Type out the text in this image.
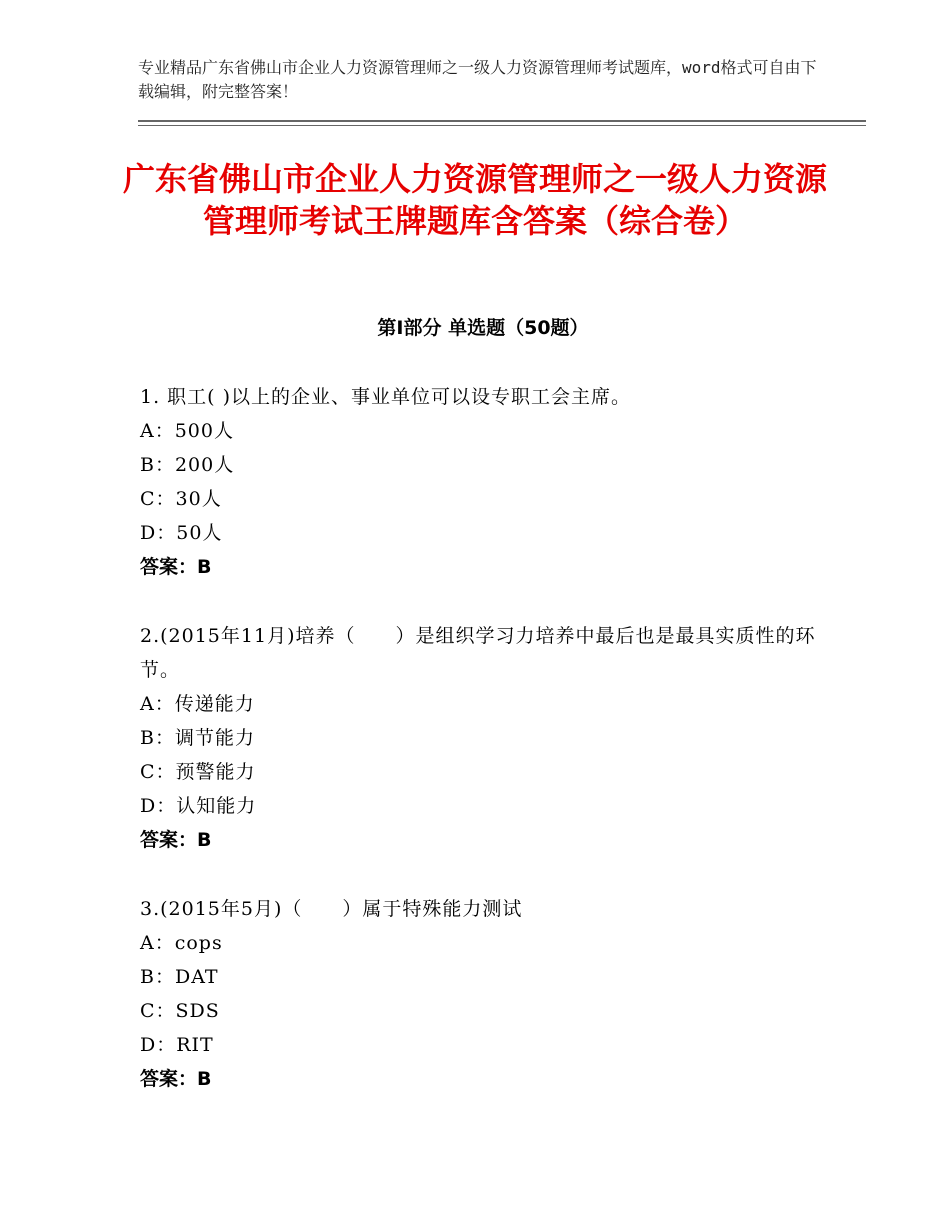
专业精品广东省佛山市企业人力资源管理师之一级人力资源管理师考试题库，word格式可自由下载编辑，附完整答案！
广东省佛山市企业人力资源管理师之一级人力资源管理师考试王牌题库含答案（综合卷）
第Ⅰ部分 单选题（50题）

1. 职工( )以上的企业、事业单位可以设专职工会主席。

A：500人

B：200人

C：30人

D：50人

答案：B

2.(2015年11月)培养（　　）是组织学习力培养中最后也是最具实质性的环节。

A：传递能力

B：调节能力

C：预警能力

D：认知能力

答案：B

3.(2015年5月)（　　）属于特殊能力测试

A：cops

B：DAT

C：SDS

D：RIT

答案：B
